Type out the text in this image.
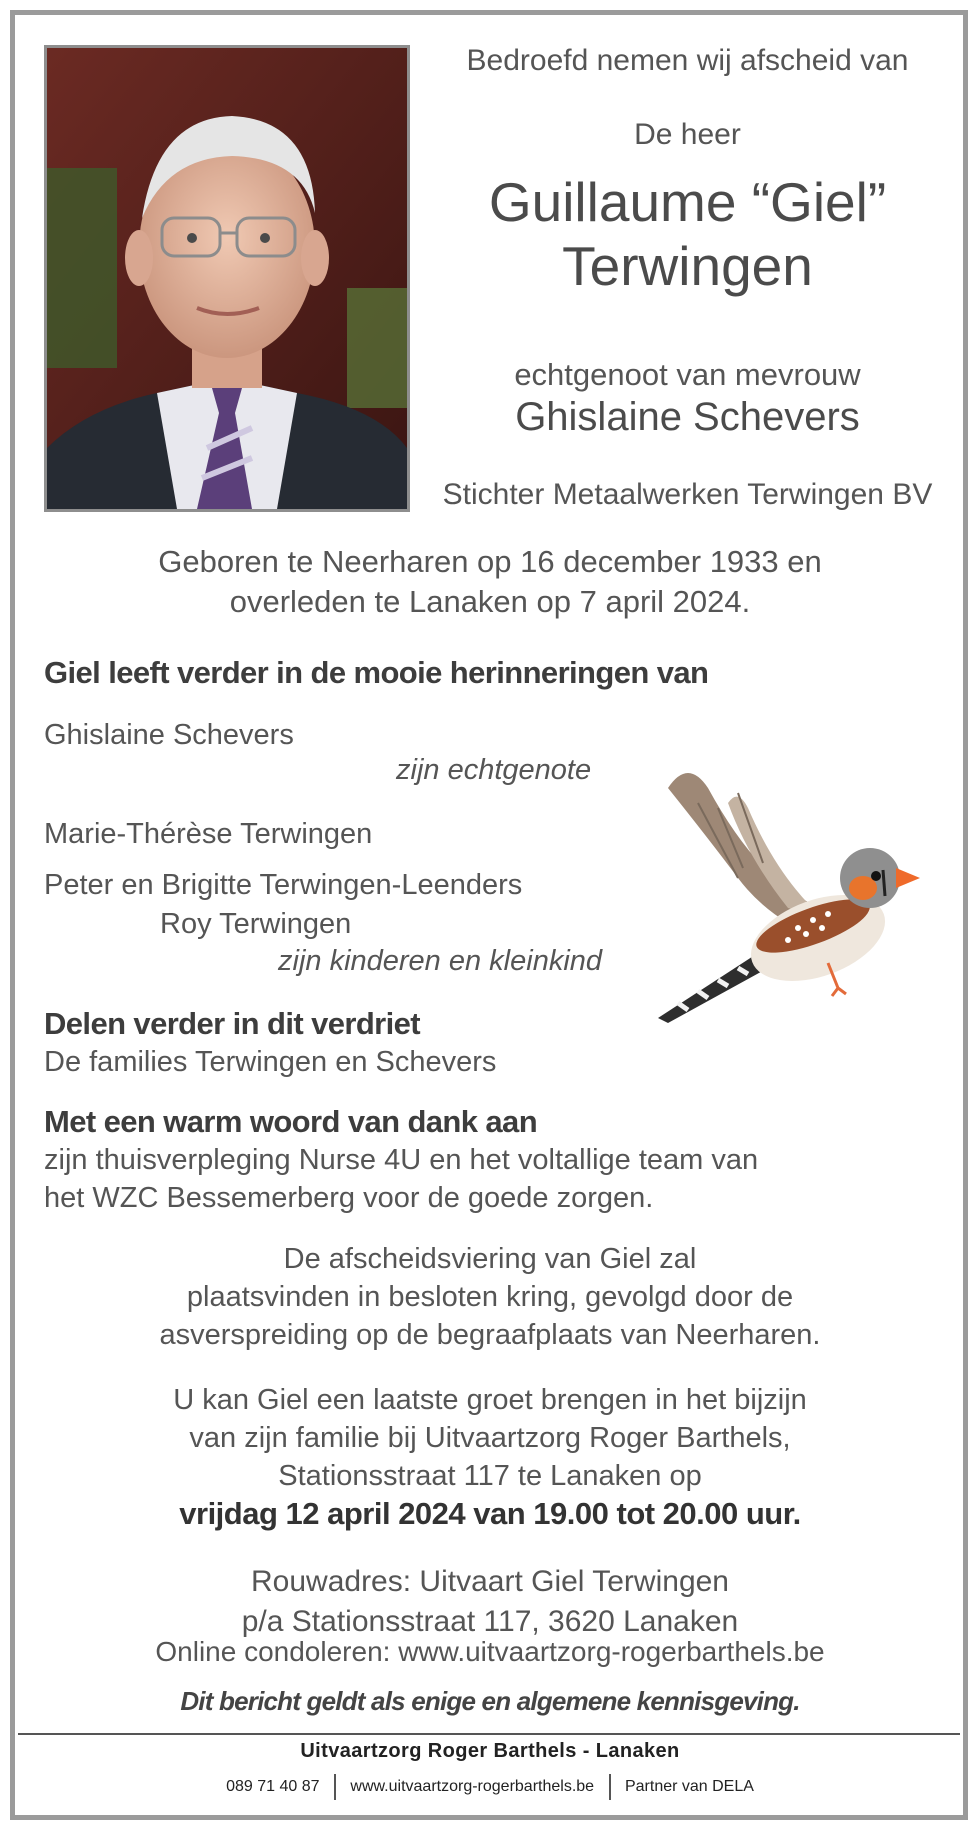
Bedroefd nemen wij afscheid van
De heer
Guillaume “Giel”
Terwingen
echtgenoot van mevrouw
Ghislaine Schevers
Stichter Metaalwerken Terwingen BV
Geboren te Neerharen op 16 december 1933 en
overleden te Lanaken op 7 april 2024.
Giel leeft verder in de mooie herinneringen van
Ghislaine Schevers
zijn echtgenote
Marie-Thérèse Terwingen
Peter en Brigitte Terwingen-Leenders
Roy Terwingen
zijn kinderen en kleinkind
Delen verder in dit verdriet
De families Terwingen en Schevers
Met een warm woord van dank aan
zijn thuisverpleging Nurse 4U en het voltallige team van
het WZC Bessemerberg voor de goede zorgen.
De afscheidsviering van Giel zal
plaatsvinden in besloten kring, gevolgd door de
asverspreiding op de begraafplaats van Neerharen.
U kan Giel een laatste groet brengen in het bijzijn
van zijn familie bij Uitvaartzorg Roger Barthels,
Stationsstraat 117 te Lanaken op
vrijdag 12 april 2024 van 19.00 tot 20.00 uur.
Rouwadres: Uitvaart Giel Terwingen
p/a Stationsstraat 117, 3620 Lanaken
Online condoleren: www.uitvaartzorg-rogerbarthels.be
Dit bericht geldt als enige en algemene kennisgeving.
Uitvaartzorg Roger Barthels - Lanaken
089 71 40 87 www.uitvaartzorg-rogerbarthels.be Partner van DELA
